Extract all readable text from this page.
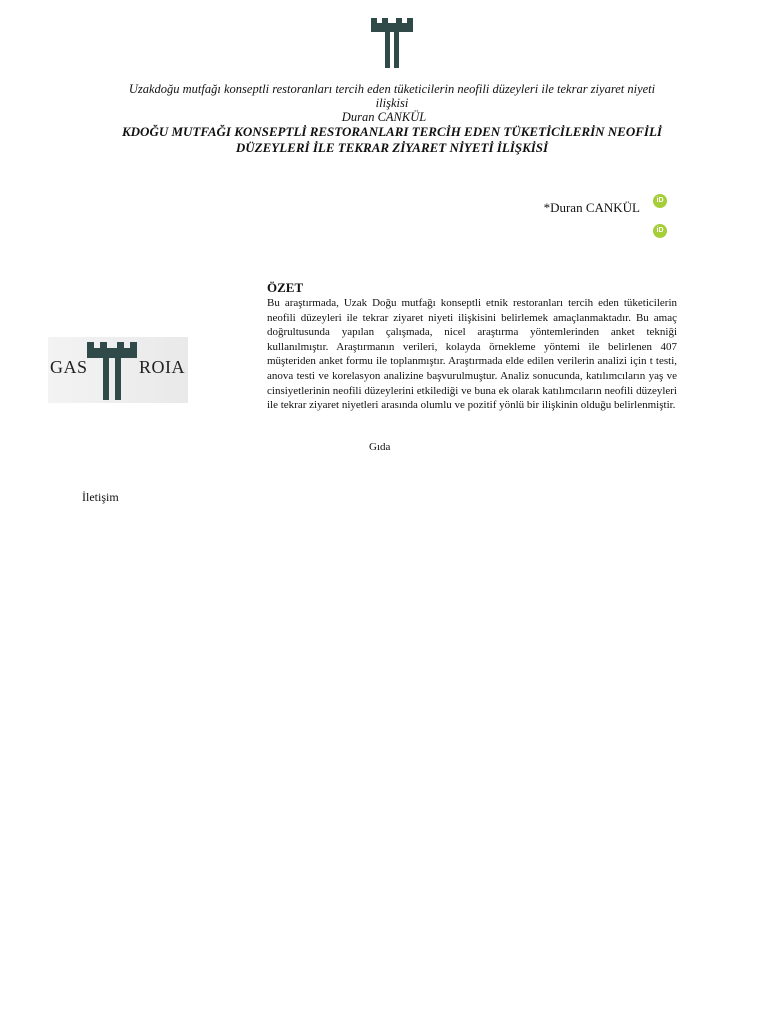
Uzakdoğu mutfağı konseptli restoranları tercih eden tüketicilerin neofili düzeyleri ile tekrar ziyaret niyeti ilişkisi
Duran CANKÜL
KDOĞU MUTFAĞI KONSEPTLİ RESTORANLARI TERCİH EDEN TÜKETİCİLERİN NEOFİLİ
DÜZEYLERİ İLE TEKRAR ZİYARET NİYETİ İLİŞKİSİ
*Duran CANKÜL	iD
iD
GAS	ROIA
ÖZET
Bu araştırmada, Uzak Doğu mutfağı konseptli etnik restoranları tercih eden tüketicilerin neofili düzeyleri ile tekrar ziyaret niyeti ilişkisini belirlemek amaçlanmaktadır. Bu amaç doğrultusunda yapılan çalışmada, nicel araştırma yöntemlerinden anket tekniği kullanılmıştır. Araştırmanın verileri, kolayda örnekleme yöntemi ile belirlenen 407 müşteriden anket formu ile toplanmıştır. Araştırmada elde edilen verilerin analizi için t testi, anova testi ve korelasyon analizine başvurulmuştur. Analiz sonucunda, katılımcıların yaş ve cinsiyetlerinin neofili düzeylerini etkilediği ve buna ek olarak katılımcıların neofili düzeyleri ile tekrar ziyaret niyetleri arasında olumlu ve pozitif yönlü bir ilişkinin olduğu belirlenmiştir.
Gıda
İletişim
